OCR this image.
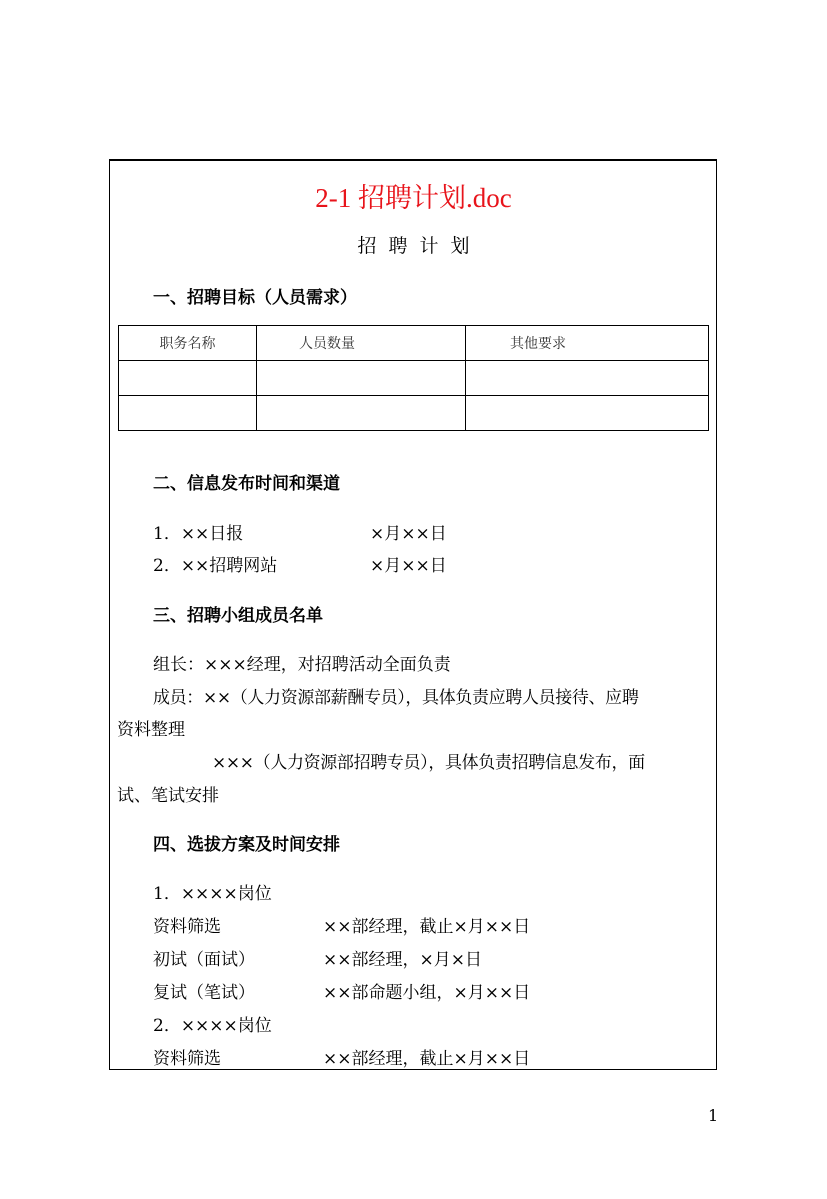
2-1 招聘计划.doc
招聘计划
一、招聘目标（人员需求）
职务名称	人员数量	其他要求

二、信息发布时间和渠道
1．××日报	×月××日
2．××招聘网站	×月××日
三、招聘小组成员名单
组长：×××经理，对招聘活动全面负责
成员：××（人力资源部薪酬专员），具体负责应聘人员接待、应聘
资料整理
×××（人力资源部招聘专员），具体负责招聘信息发布，面
试、笔试安排
四、选拔方案及时间安排
1．××××岗位
资料筛选	××部经理，截止×月××日
初试（面试）	××部经理，×月×日
复试（笔试）	××部命题小组，×月××日
2．××××岗位
资料筛选	××部经理，截止×月××日
1
